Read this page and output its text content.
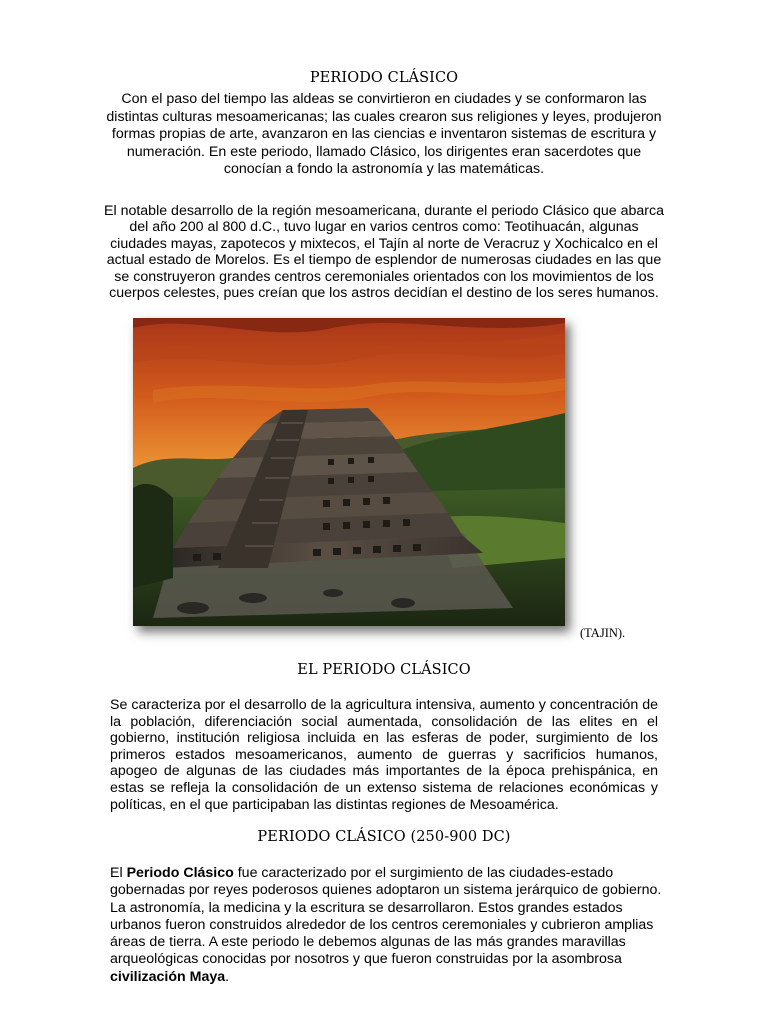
PERIODO CLÁSICO
Con el paso del tiempo las aldeas se convirtieron en ciudades y se conformaron las distintas culturas mesoamericanas; las cuales crearon sus religiones y leyes, produjeron formas propias de arte, avanzaron en las ciencias e inventaron sistemas de escritura y numeración. En este periodo, llamado Clásico, los dirigentes eran sacerdotes que conocían a fondo la astronomía y las matemáticas.
El notable desarrollo de la región mesoamericana, durante el periodo Clásico que abarca del año 200 al 800 d.C., tuvo lugar en varios centros como: Teotihuacán, algunas ciudades mayas, zapotecos y mixtecos, el Tajín al norte de Veracruz y Xochicalco en el actual estado de Morelos. Es el tiempo de esplendor de numerosas ciudades en las que se construyeron grandes centros ceremoniales orientados con los movimientos de los cuerpos celestes, pues creían que los astros decidían el destino de los seres humanos.
(TAJIN).
EL PERIODO CLÁSICO
Se caracteriza por el desarrollo de la agricultura intensiva, aumento y concentración de la población, diferenciación social aumentada, consolidación de las elites en el gobierno, institución religiosa incluida en las esferas de poder, surgimiento de los primeros estados mesoamericanos, aumento de guerras y sacrificios humanos, apogeo de algunas de las ciudades más importantes de la época prehispánica, en estas se refleja la consolidación de un extenso sistema de relaciones económicas y políticas, en el que participaban las distintas regiones de Mesoamérica.
PERIODO CLÁSICO (250-900 DC)
El Periodo Clásico fue caracterizado por el surgimiento de las ciudades-estado gobernadas por reyes poderosos quienes adoptaron un sistema jerárquico de gobierno. La astronomía, la medicina y la escritura se desarrollaron. Estos grandes estados urbanos fueron construidos alrededor de los centros ceremoniales y cubrieron amplias áreas de tierra. A este periodo le debemos algunas de las más grandes maravillas arqueológicas conocidas por nosotros y que fueron construidas por la asombrosa civilización Maya.
